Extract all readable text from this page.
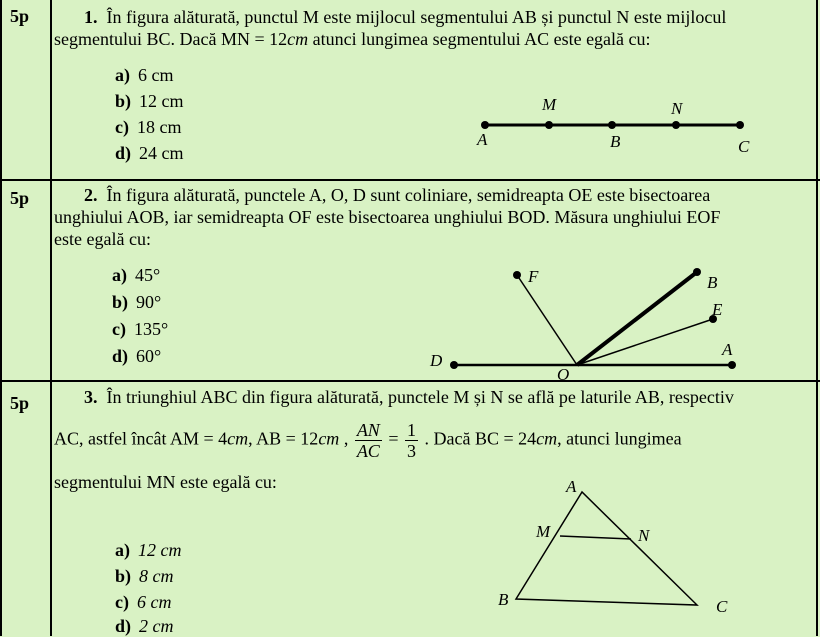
5p	1. În figura alăturată, punctul M este mijlocul segmentului AB și punctul N este mijlocul
segmentului BC. Dacă MN = 12cm atunci lungimea segmentului AC este egală cu:
a) 6 cm
b) 12 cm
c) 18 cm
d) 24 cm
A
M
B
N
C
5p	2. În figura alăturată, punctele A, O, D sunt coliniare, semidreapta OE este bisectoarea
unghiului AOB, iar semidreapta OF este bisectoarea unghiului BOD. Măsura unghiului EOF
este egală cu:
a) 45°
b) 90°
c) 135°
d) 60°
F	B
E
A
D
O
5p	3. În triunghiul ABC din figura alăturată, punctele M și N se află pe laturile AB, respectiv
AC, astfel încât AM = 4cm, AB = 12cm , $\frac{AN}{AC} = \frac{1}{3}$ . Dacă BC = 24cm, atunci lungimea
segmentului MN este egală cu:
a) 12 cm
b) 8 cm
c) 6 cm
d) 2 cm
A
M	N
B	C
